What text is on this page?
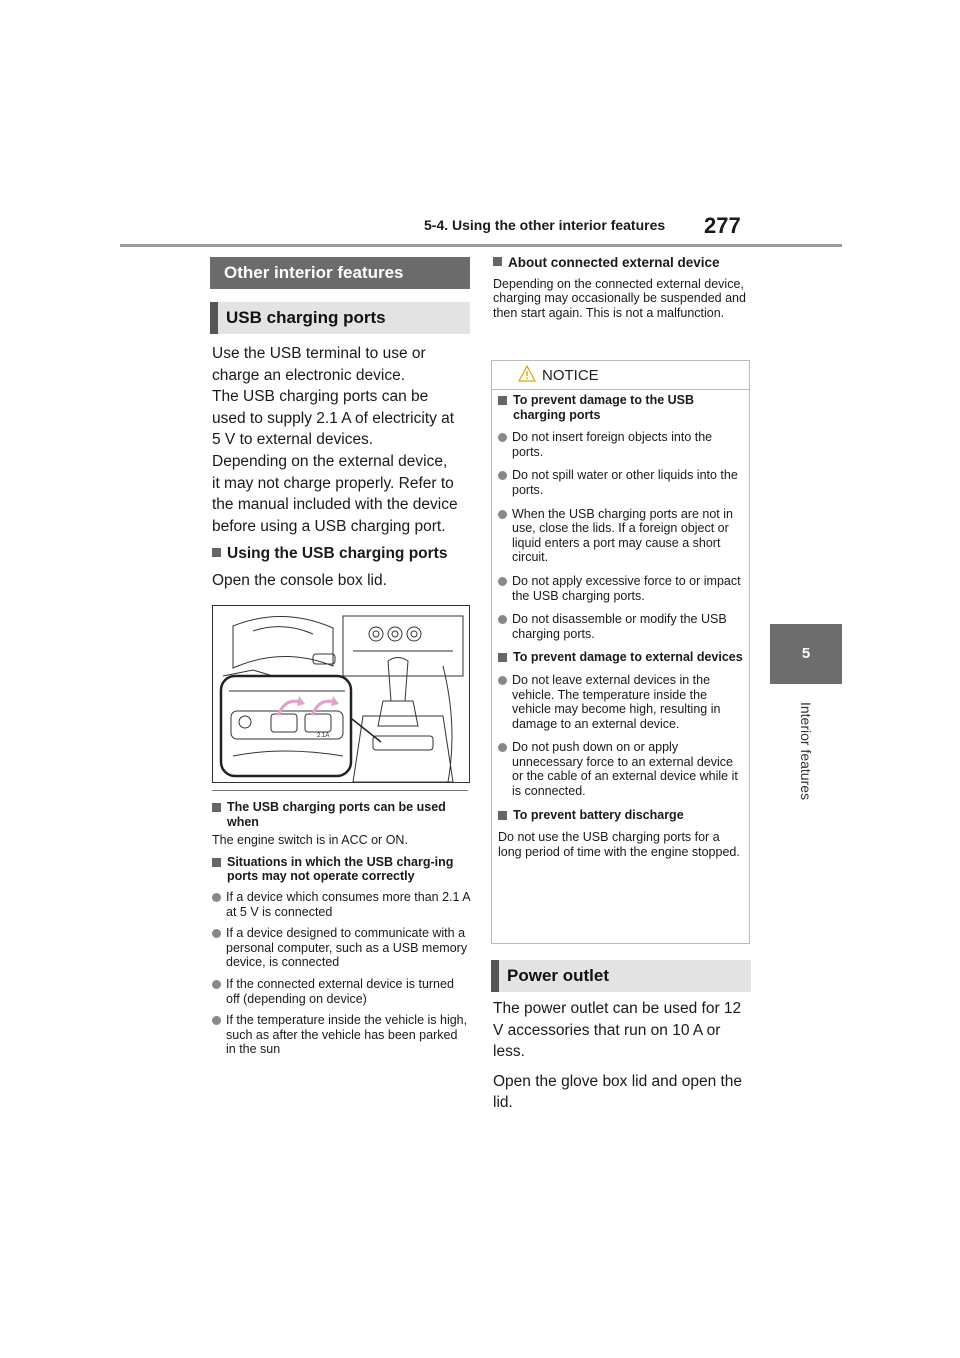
5-4. Using the other interior features 277
5
Interior features
Other interior features
USB charging ports
Use the USB terminal to use or
charge an electronic device.
The USB charging ports can be
used to supply 2.1 A of electricity at
5 V to external devices.
Depending on the external device,
it may not charge properly. Refer to
the manual included with the device
before using a USB charging port.
Using the USB charging ports
Open the console box lid.
2.1A
The USB charging ports can be used when
The engine switch is in ACC or ON.
Situations in which the USB charg-ing ports may not operate correctly
If a device which consumes more than 2.1 A at 5 V is connected
If a device designed to communicate with a personal computer, such as a USB memory device, is connected
If the connected external device is turned off (depending on device)
If the temperature inside the vehicle is high, such as after the vehicle has been parked in the sun
About connected external device
Depending on the connected external device, charging may occasionally be suspended and then start again. This is not a malfunction.
NOTICE
To prevent damage to the USB charging ports
Do not insert foreign objects into the ports.
Do not spill water or other liquids into the ports.
When the USB charging ports are not in use, close the lids. If a foreign object or liquid enters a port may cause a short circuit.
Do not apply excessive force to or impact the USB charging ports.
Do not disassemble or modify the USB charging ports.
To prevent damage to external devices
Do not leave external devices in the vehicle. The temperature inside the vehicle may become high, resulting in damage to an external device.
Do not push down on or apply unnecessary force to an external device or the cable of an external device while it is connected.
To prevent battery discharge
Do not use the USB charging ports for a long period of time with the engine stopped.
Power outlet

The power outlet can be used for 12 V accessories that run on 10 A or less.

Open the glove box lid and open the lid.
